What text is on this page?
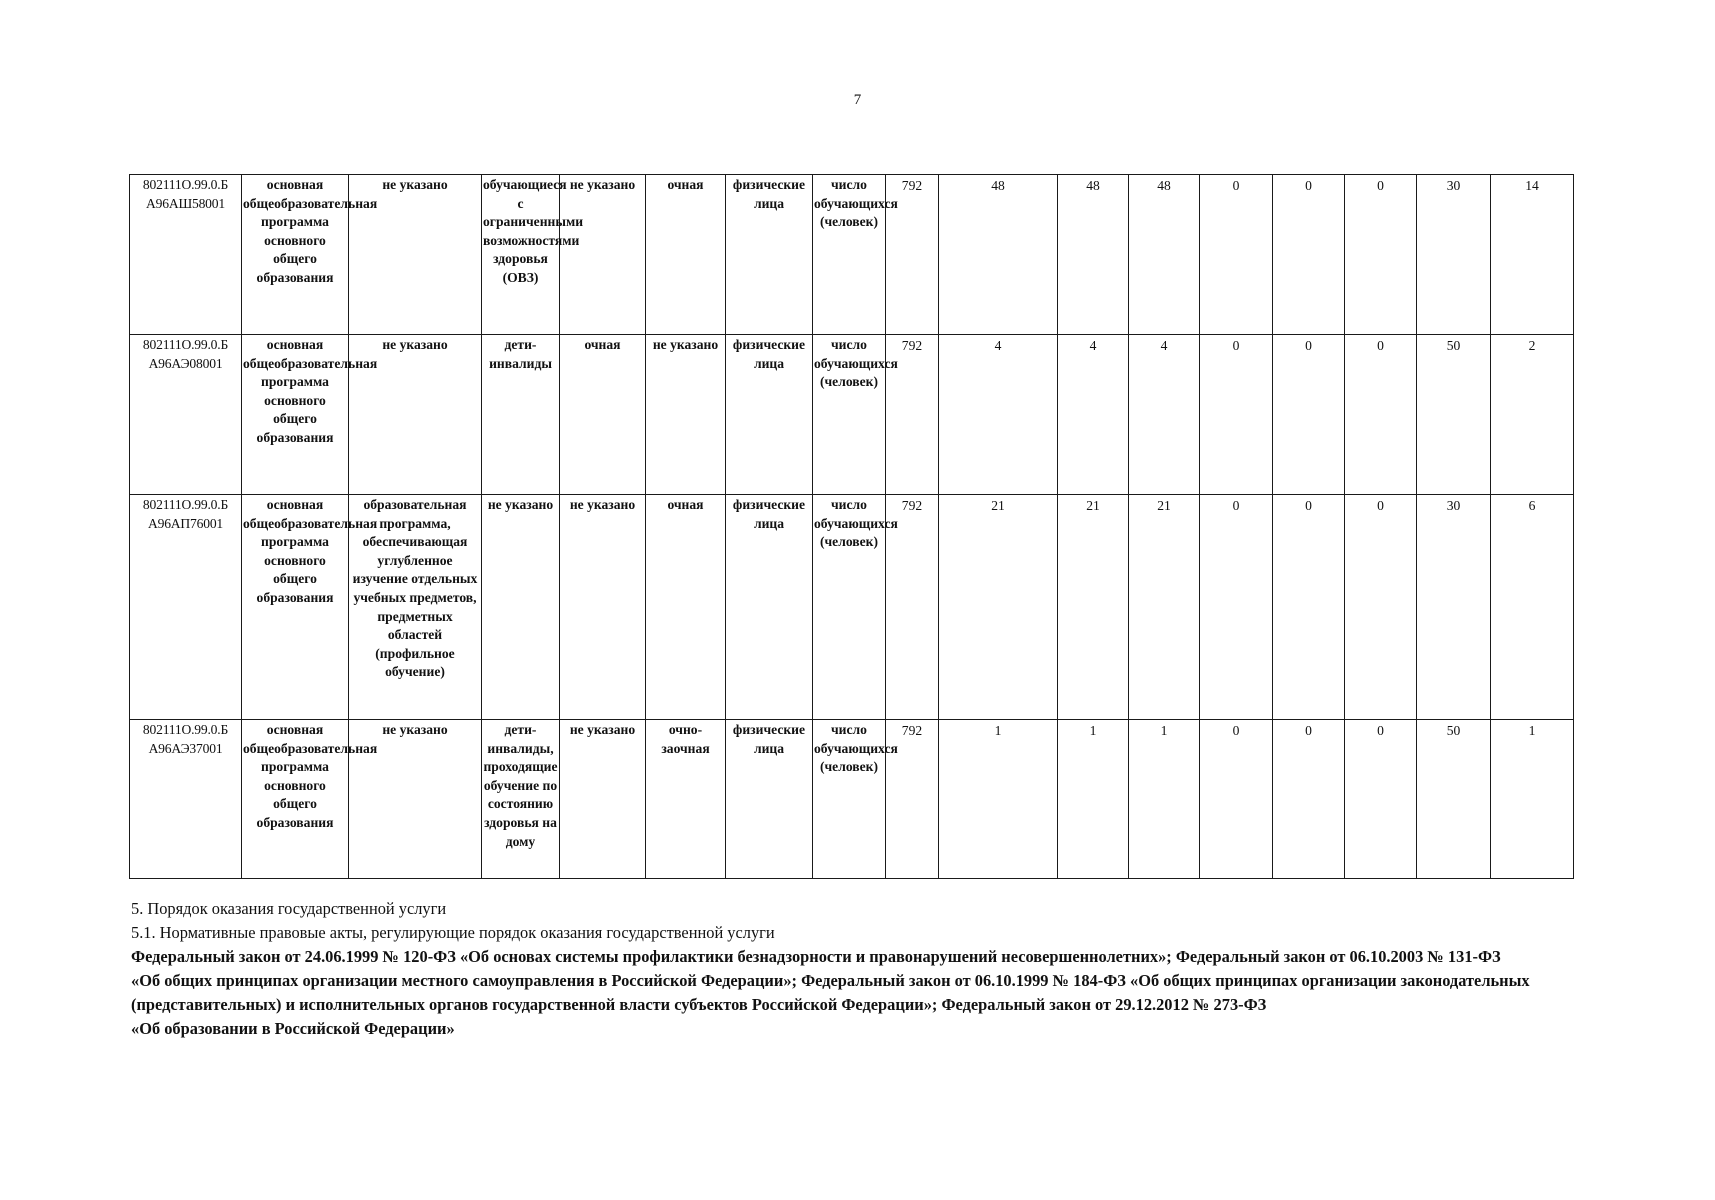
7
802111О.99.0.Б А96АШ58001	основная общеобразовательная программа основного общего образования	не указано	обучающиеся с ограниченными возможностями здоровья (ОВЗ)	не указано	очная	физические лица	число обучающихся (человек)	792	48	48	48	0	0	0	30	14
802111О.99.0.Б А96АЭ08001	основная общеобразовательная программа основного общего образования	не указано	дети-инвалиды	очная	не указано	физические лица	число обучающихся (человек)	792	4	4	4	0	0	0	50	2
802111О.99.0.Б А96АП76001	основная общеобразовательная программа основного общего образования	образовательная программа, обеспечивающая углубленное изучение отдельных учебных предметов, предметных областей (профильное обучение)	не указано	не указано	очная	физические лица	число обучающихся (человек)	792	21	21	21	0	0	0	30	6
802111О.99.0.Б А96АЭ37001	основная общеобразовательная программа основного общего образования	не указано	дети-инвалиды, проходящие обучение по состоянию здоровья на дому	не указано	очно-заочная	физические лица	число обучающихся (человек)	792	1	1	1	0	0	0	50	1

5. Порядок оказания государственной услуги

5.1. Нормативные правовые акты, регулирующие порядок оказания государственной услуги

Федеральный закон от 24.06.1999 № 120-ФЗ «Об основах системы профилактики безнадзорности и правонарушений несовершеннолетних»; Федеральный закон от 06.10.2003 № 131-ФЗ

«Об общих принципах организации местного самоуправления в Российской Федерации»; Федеральный закон от 06.10.1999 № 184-ФЗ «Об общих принципах организации законодательных

(представительных) и исполнительных органов государственной власти субъектов Российской Федерации»; Федеральный закон от 29.12.2012 № 273-ФЗ

«Об образовании в Российской Федерации»
